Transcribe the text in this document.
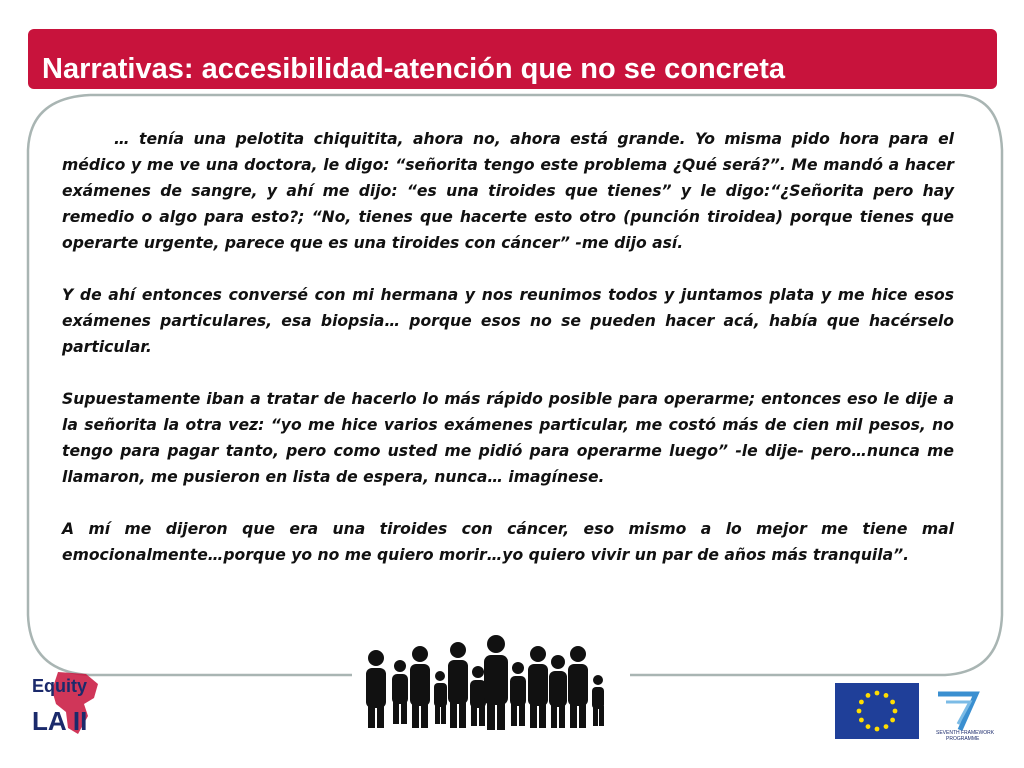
Narrativas: accesibilidad-atención que no se concreta

… tenía una pelotita chiquitita, ahora no, ahora está grande. Yo misma pido hora para el médico y me ve una doctora, le digo: “señorita tengo este problema ¿Qué será?”. Me mandó a hacer exámenes de sangre, y ahí me dijo: “es una tiroides que tienes” y le digo:“¿Señorita pero hay remedio o algo para esto?; “No, tienes que hacerte esto otro (punción tiroidea) porque tienes que operarte urgente, parece que es una tiroides con cáncer” -me dijo así.

Y de ahí entonces conversé con mi hermana y nos reunimos todos y juntamos plata y me hice esos exámenes particulares, esa biopsia… porque esos no se pueden hacer acá, había que hacérselo particular.

Supuestamente iban a tratar de hacerlo lo más rápido posible para operarme; entonces eso le dije a la señorita la otra vez: “yo me hice varios exámenes particular, me costó más de cien mil pesos, no tengo para pagar tanto, pero como usted me pidió para operarme luego” -le dije- pero…nunca me llamaron, me pusieron en lista de espera, nunca… imagínese.

A mí me dijeron que era una tiroides con cáncer, eso mismo a lo mejor me tiene mal emocionalmente…porque yo no me quiero morir…yo quiero vivir un par de años más tranquila”.

Equity
LA II	SEVENTH FRAMEWORK
PROGRAMME
